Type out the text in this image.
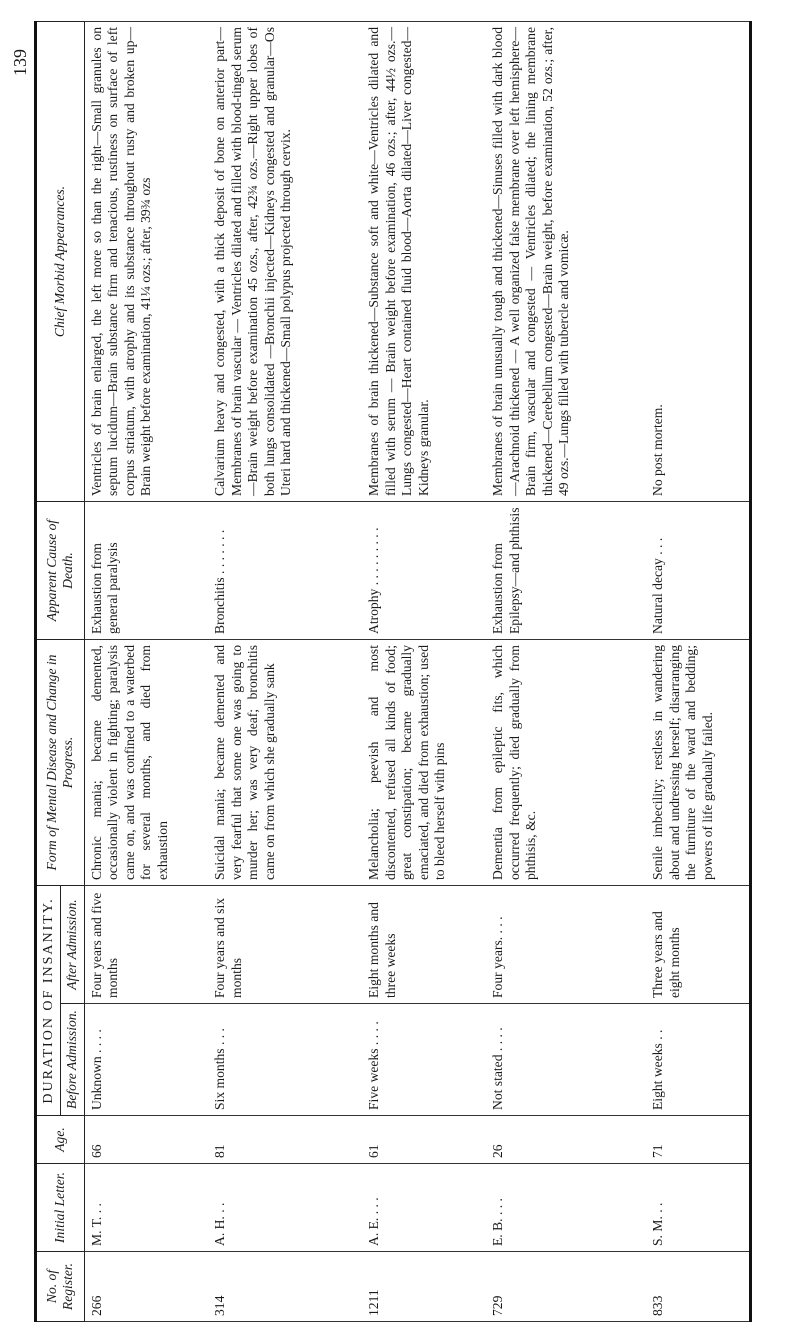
139
No. of Register.	Initial Letter.	Age.	DURATION OF INSANITY.		Form of Mental Disease and Change in Progress.	Apparent Cause of Death.	Chief Morbid Appearances.
			Before Admission.	After Admission.			
266	M. T. . .	66	Unknown . . . .	Four years and five months	Chronic mania; became demented, occasionally violent in fighting; paralysis came on, and was confined to a waterbed for several months, and died from exhaustion	Exhaustion from general paralysis	Ventricles of brain enlarged, the left more so than the right—Small granules on septum lucidum—Brain substance firm and tenacious, rustiness on surface of left corpus striatum, with atrophy and its substance throughout rusty and broken up—Brain weight before examination, 41¼ ozs.; after, 39¾ ozs
314	A. H. . .	81	Six months . . .	Four years and six months	Suicidal mania; became demented and very fearful that some one was going to murder her; was very deaf; bronchitis came on from which she gradually sank	Bronchitis . . . . . . .	Calvarium heavy and congested, with a thick deposit of bone on anterior part—Membranes of brain vascular — Ventricles dilated and filled with blood-tinged serum—Brain weight before examination 45 ozs., after, 42¾ ozs.—Right upper lobes of both lungs consolidated —Bronchii injected—Kidneys congested and granular—Os Uteri hard and thickened—Small polypus projected through cervix.
1211	A. E. . . .	61	Five weeks . . . .	Eight months and three weeks	Melancholia; peevish and most discontented, refused all kinds of food; great constipation; became gradually emaciated, and died from exhaustion; used to bleed herself with pins	Atrophy . . . . . . . . .	Membranes of brain thickened—Substance soft and white—Ventricles dilated and filled with serum — Brain weight before examination, 46 ozs.; after, 44½ ozs.—Lungs congested—Heart contained fluid blood—Aorta dilated—Liver congested—Kidneys granular.
729	E. B. . . .	26	Not stated . . . .	Four years. . . .	Dementia from epileptic fits, which occurred frequently; died gradually from phthisis, &c.	Exhaustion from Epilepsy—and phthisis	Membranes of brain unusually tough and thickened—Sinuses filled with dark blood—Arachnoid thickened — A well organized false membrane over left hemisphere—Brain firm, vascular and congested — Ventricles dilated; the lining membrane thickened—Cerebellum congested—Brain weight, before examination, 52 ozs.; after, 49 ozs.—Lungs filled with tubercle and vomicæ.
833	S. M. . .	71	Eight weeks . .	Three years and eight months	Senile imbecility; restless in wandering about and undressing herself; disarranging the furniture of the ward and bedding; powers of life gradually failed.	Natural decay . . .	No post mortem.
